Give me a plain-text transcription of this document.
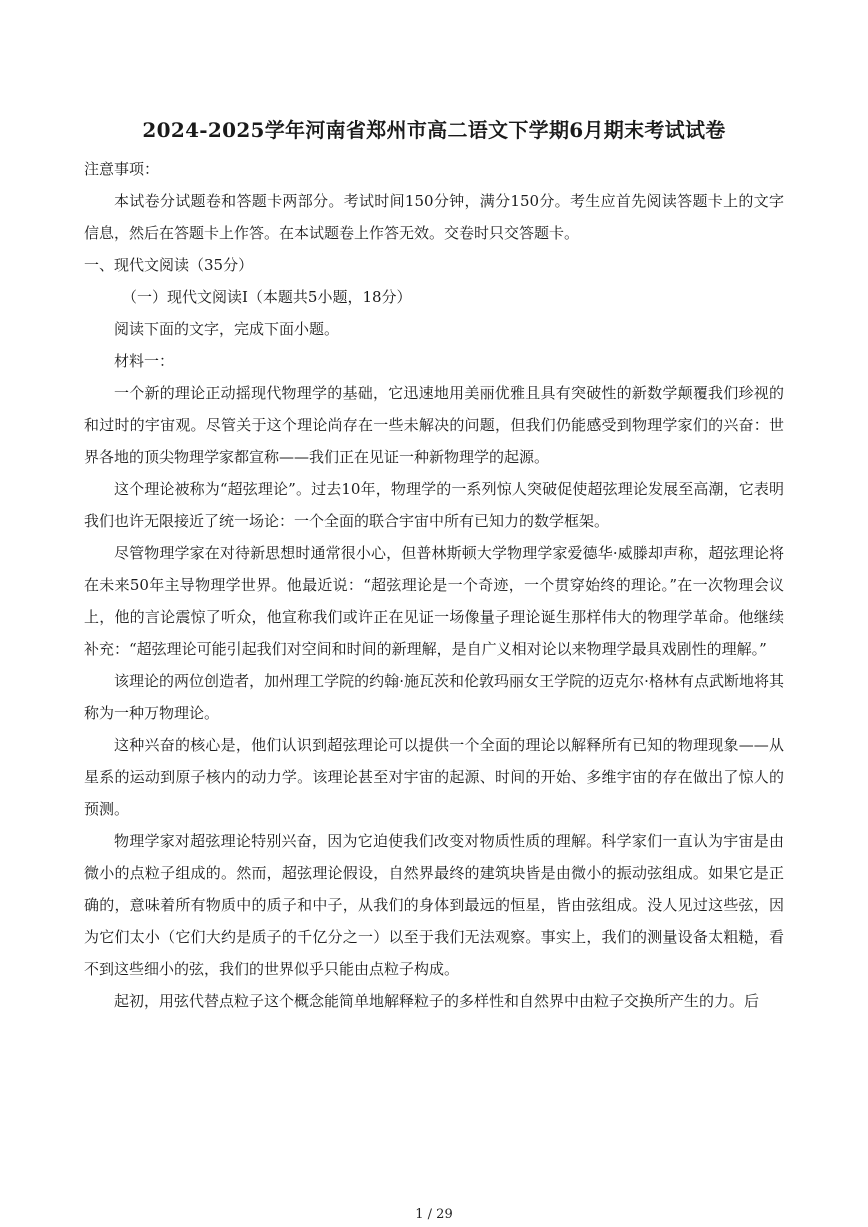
2024-2025学年河南省郑州市高二语文下学期6月期末考试试卷

注意事项：

本试卷分试题卷和答题卡两部分。考试时间150分钟，满分150分。考生应首先阅读答题卡上的文字信息，然后在答题卡上作答。在本试题卷上作答无效。交卷时只交答题卡。

一、现代文阅读（35分）

（一）现代文阅读Ⅰ（本题共5小题，18分）

阅读下面的文字，完成下面小题。

材料一：

一个新的理论正动摇现代物理学的基础，它迅速地用美丽优雅且具有突破性的新数学颠覆我们珍视的和过时的宇宙观。尽管关于这个理论尚存在一些未解决的问题，但我们仍能感受到物理学家们的兴奋：世界各地的顶尖物理学家都宣称——我们正在见证一种新物理学的起源。

这个理论被称为“超弦理论”。过去10年，物理学的一系列惊人突破促使超弦理论发展至高潮，它表明我们也许无限接近了统一场论：一个全面的联合宇宙中所有已知力的数学框架。

尽管物理学家在对待新思想时通常很小心，但普林斯顿大学物理学家爱德华·威滕却声称，超弦理论将在未来50年主导物理学世界。他最近说：“超弦理论是一个奇迹，一个贯穿始终的理论。”在一次物理会议上，他的言论震惊了听众，他宣称我们或许正在见证一场像量子理论诞生那样伟大的物理学革命。他继续补充：“超弦理论可能引起我们对空间和时间的新理解，是自广义相对论以来物理学最具戏剧性的理解。”

该理论的两位创造者，加州理工学院的约翰·施瓦茨和伦敦玛丽女王学院的迈克尔·格林有点武断地将其称为一种万物理论。

这种兴奋的核心是，他们认识到超弦理论可以提供一个全面的理论以解释所有已知的物理现象——从星系的运动到原子核内的动力学。该理论甚至对宇宙的起源、时间的开始、多维宇宙的存在做出了惊人的预测。

物理学家对超弦理论特别兴奋，因为它迫使我们改变对物质性质的理解。科学家们一直认为宇宙是由微小的点粒子组成的。然而，超弦理论假设，自然界最终的建筑块皆是由微小的振动弦组成。如果它是正确的，意味着所有物质中的质子和中子，从我们的身体到最远的恒星，皆由弦组成。没人见过这些弦，因为它们太小（它们大约是质子的千亿分之一）以至于我们无法观察。事实上，我们的测量设备太粗糙，看不到这些细小的弦，我们的世界似乎只能由点粒子构成。

起初，用弦代替点粒子这个概念能简单地解释粒子的多样性和自然界中由粒子交换所产生的力。后

1 / 29
